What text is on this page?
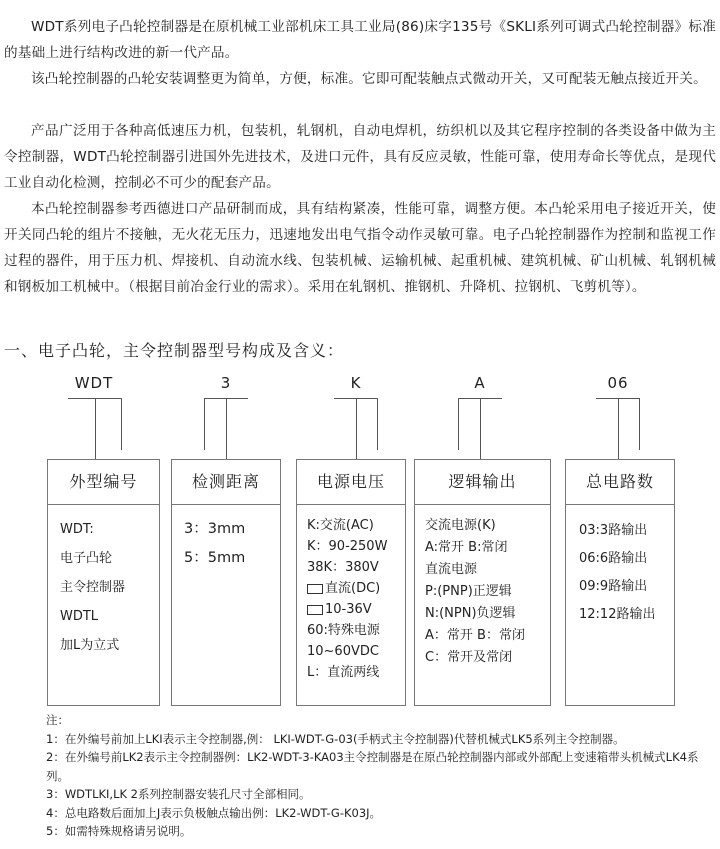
WDT系列电子凸轮控制器是在原机械工业部机床工具工业局(86)床字135号《SKLI系列可调式凸轮控制器》标准的基础上进行结构改进的新一代产品。

该凸轮控制器的凸轮安装调整更为简单，方便，标准。它即可配装触点式微动开关，又可配装无触点接近开关。

产品广泛用于各种高低速压力机，包装机，轧钢机，自动电焊机，纺织机以及其它程序控制的各类设备中做为主令控制器，WDT凸轮控制器引进国外先进技术，及进口元件，具有反应灵敏，性能可靠，使用寿命长等优点，是现代工业自动化检测，控制必不可少的配套产品。

本凸轮控制器参考西德进口产品研制而成，具有结构紧凑，性能可靠，调整方便。本凸轮采用电子接近开关，使开关同凸轮的组片不接触，无火花无压力，迅速地发出电气指令动作灵敏可靠。电子凸轮控制器作为控制和监视工作过程的器件，用于压力机、焊接机、自动流水线、包装机械、运输机械、起重机械、建筑机械、矿山机械、轧钢机械和钢板加工机械中。（根据目前冶金行业的需求）。采用在轧钢机、推钢机、升降机、拉钢机、飞剪机等）。

一、电子凸轮，主令控制器型号构成及含义：
WDT	3	K	A	06
外型编号
WDT:
电子凸轮
主令控制器
WDTL
加L为立式
检测距离
3：3mm
5：5mm
电源电压
K:交流(AC)
K：90-250W
38K：380V
直流(DC)
10-36V
60:特殊电源
10~60VDC
L：直流两线
逻辑输出
交流电源(K)
A:常开 B:常闭
直流电源
P:(PNP)正逻辑
N:(NPN)负逻辑
A：常开 B：常闭
C：常开及常闭
总电路数
03:3路输出
06:6路输出
09:9路输出
12:12路输出
注：
1：在外编号前加上LKI表示主令控制器,例： LKI-WDT-G-03(手柄式主令控制器)代替机械式LK5系列主令控制器。
2：在外编号前LK2表示主令控制器例：LK2-WDT-3-KA03主令控制器是在原凸轮控制器内部或外部配上变速箱带头机械式LK4系列。
3：WDTLKI,LK 2系列控制器安装孔尺寸全部相同。
4：总电路数后面加上J表示负极触点输出例：LK2-WDT-G-K03J。
5：如需特殊规格请另说明。
